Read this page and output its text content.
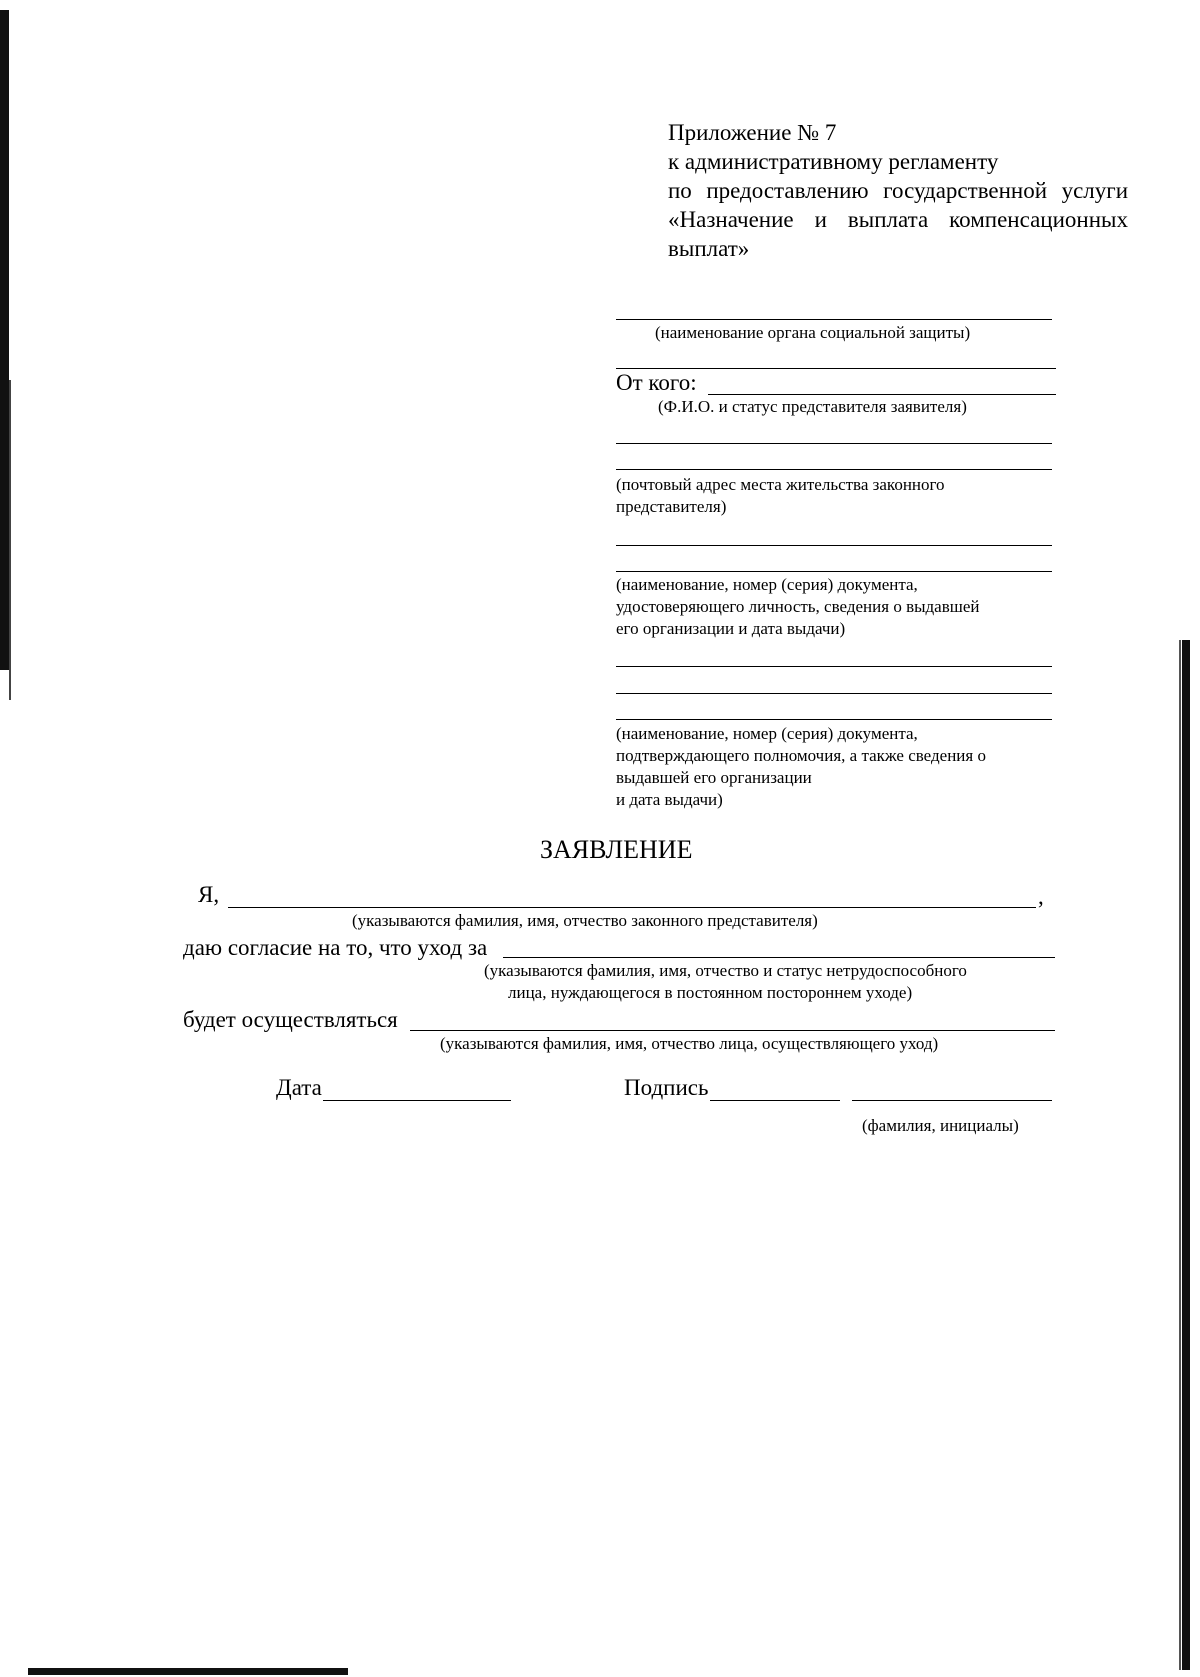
Приложение № 7
к административному регламенту
по предоставлению государственной услуги
«Назначение и выплата компенсационных
выплат»
(наименование органа социальной защиты)
От кого:
(Ф.И.О. и статус представителя заявителя)
(почтовый адрес места жительства законного
представителя)
(наименование, номер (серия) документа,
удостоверяющего личность, сведения о выдавшей
его организации и дата выдачи)
(наименование, номер (серия) документа,
подтверждающего полномочия, а также сведения о
выдавшей его организации
и дата выдачи)
ЗАЯВЛЕНИЕ
Я,	,
(указываются фамилия, имя, отчество законного представителя)
даю согласие на то, что уход за
(указываются фамилия, имя, отчество и статус нетрудоспособного
лица, нуждающегося в постоянном постороннем уходе)
будет осуществляться
(указываются фамилия, имя, отчество лица, осуществляющего уход)
Дата	Подпись
(фамилия, инициалы)
